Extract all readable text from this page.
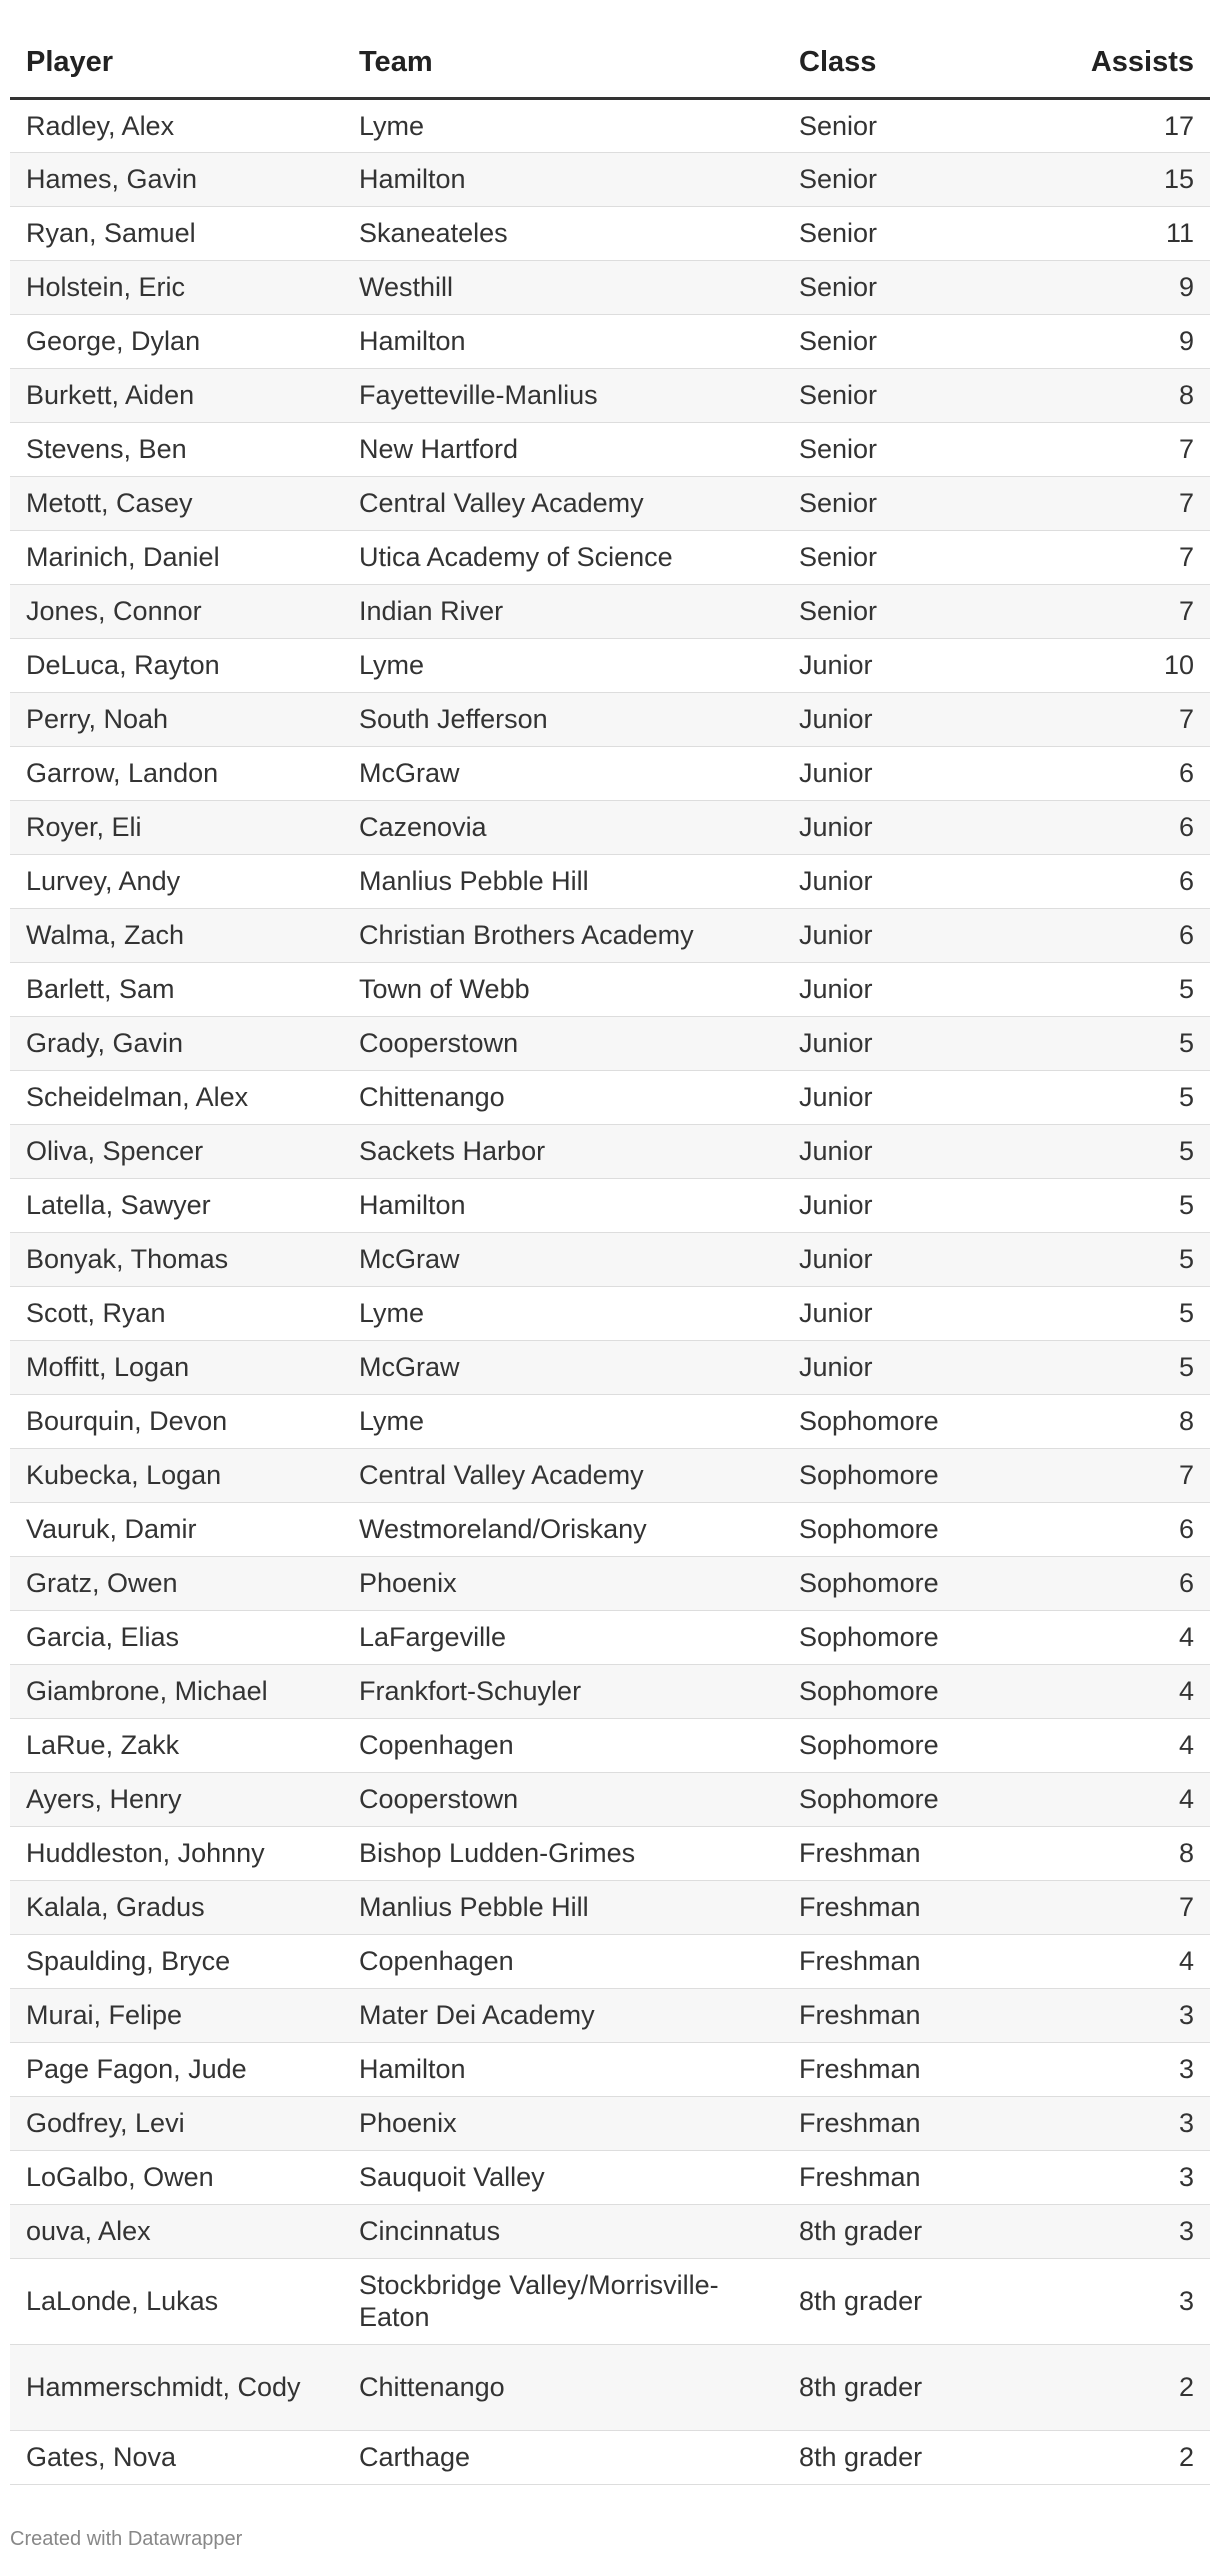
Player	Team	Class	Assists
Radley, Alex	Lyme	Senior	17
Hames, Gavin	Hamilton	Senior	15
Ryan, Samuel	Skaneateles	Senior	11
Holstein, Eric	Westhill	Senior	9
George, Dylan	Hamilton	Senior	9
Burkett, Aiden	Fayetteville-Manlius	Senior	8
Stevens, Ben	New Hartford	Senior	7
Metott, Casey	Central Valley Academy	Senior	7
Marinich, Daniel	Utica Academy of Science	Senior	7
Jones, Connor	Indian River	Senior	7
DeLuca, Rayton	Lyme	Junior	10
Perry, Noah	South Jefferson	Junior	7
Garrow, Landon	McGraw	Junior	6
Royer, Eli	Cazenovia	Junior	6
Lurvey, Andy	Manlius Pebble Hill	Junior	6
Walma, Zach	Christian Brothers Academy	Junior	6
Barlett, Sam	Town of Webb	Junior	5
Grady, Gavin	Cooperstown	Junior	5
Scheidelman, Alex	Chittenango	Junior	5
Oliva, Spencer	Sackets Harbor	Junior	5
Latella, Sawyer	Hamilton	Junior	5
Bonyak, Thomas	McGraw	Junior	5
Scott, Ryan	Lyme	Junior	5
Moffitt, Logan	McGraw	Junior	5
Bourquin, Devon	Lyme	Sophomore	8
Kubecka, Logan	Central Valley Academy	Sophomore	7
Vauruk, Damir	Westmoreland/Oriskany	Sophomore	6
Gratz, Owen	Phoenix	Sophomore	6
Garcia, Elias	LaFargeville	Sophomore	4
Giambrone, Michael	Frankfort-Schuyler	Sophomore	4
LaRue, Zakk	Copenhagen	Sophomore	4
Ayers, Henry	Cooperstown	Sophomore	4
Huddleston, Johnny	Bishop Ludden-Grimes	Freshman	8
Kalala, Gradus	Manlius Pebble Hill	Freshman	7
Spaulding, Bryce	Copenhagen	Freshman	4
Murai, Felipe	Mater Dei Academy	Freshman	3
Page Fagon, Jude	Hamilton	Freshman	3
Godfrey, Levi	Phoenix	Freshman	3
LoGalbo, Owen	Sauquoit Valley	Freshman	3
ouva, Alex	Cincinnatus	8th grader	3
LaLonde, Lukas	Stockbridge Valley/Morrisville-Eaton	8th grader	3
Hammerschmidt, Cody	Chittenango	8th grader	2
Gates, Nova	Carthage	8th grader	2
Created with Datawrapper
